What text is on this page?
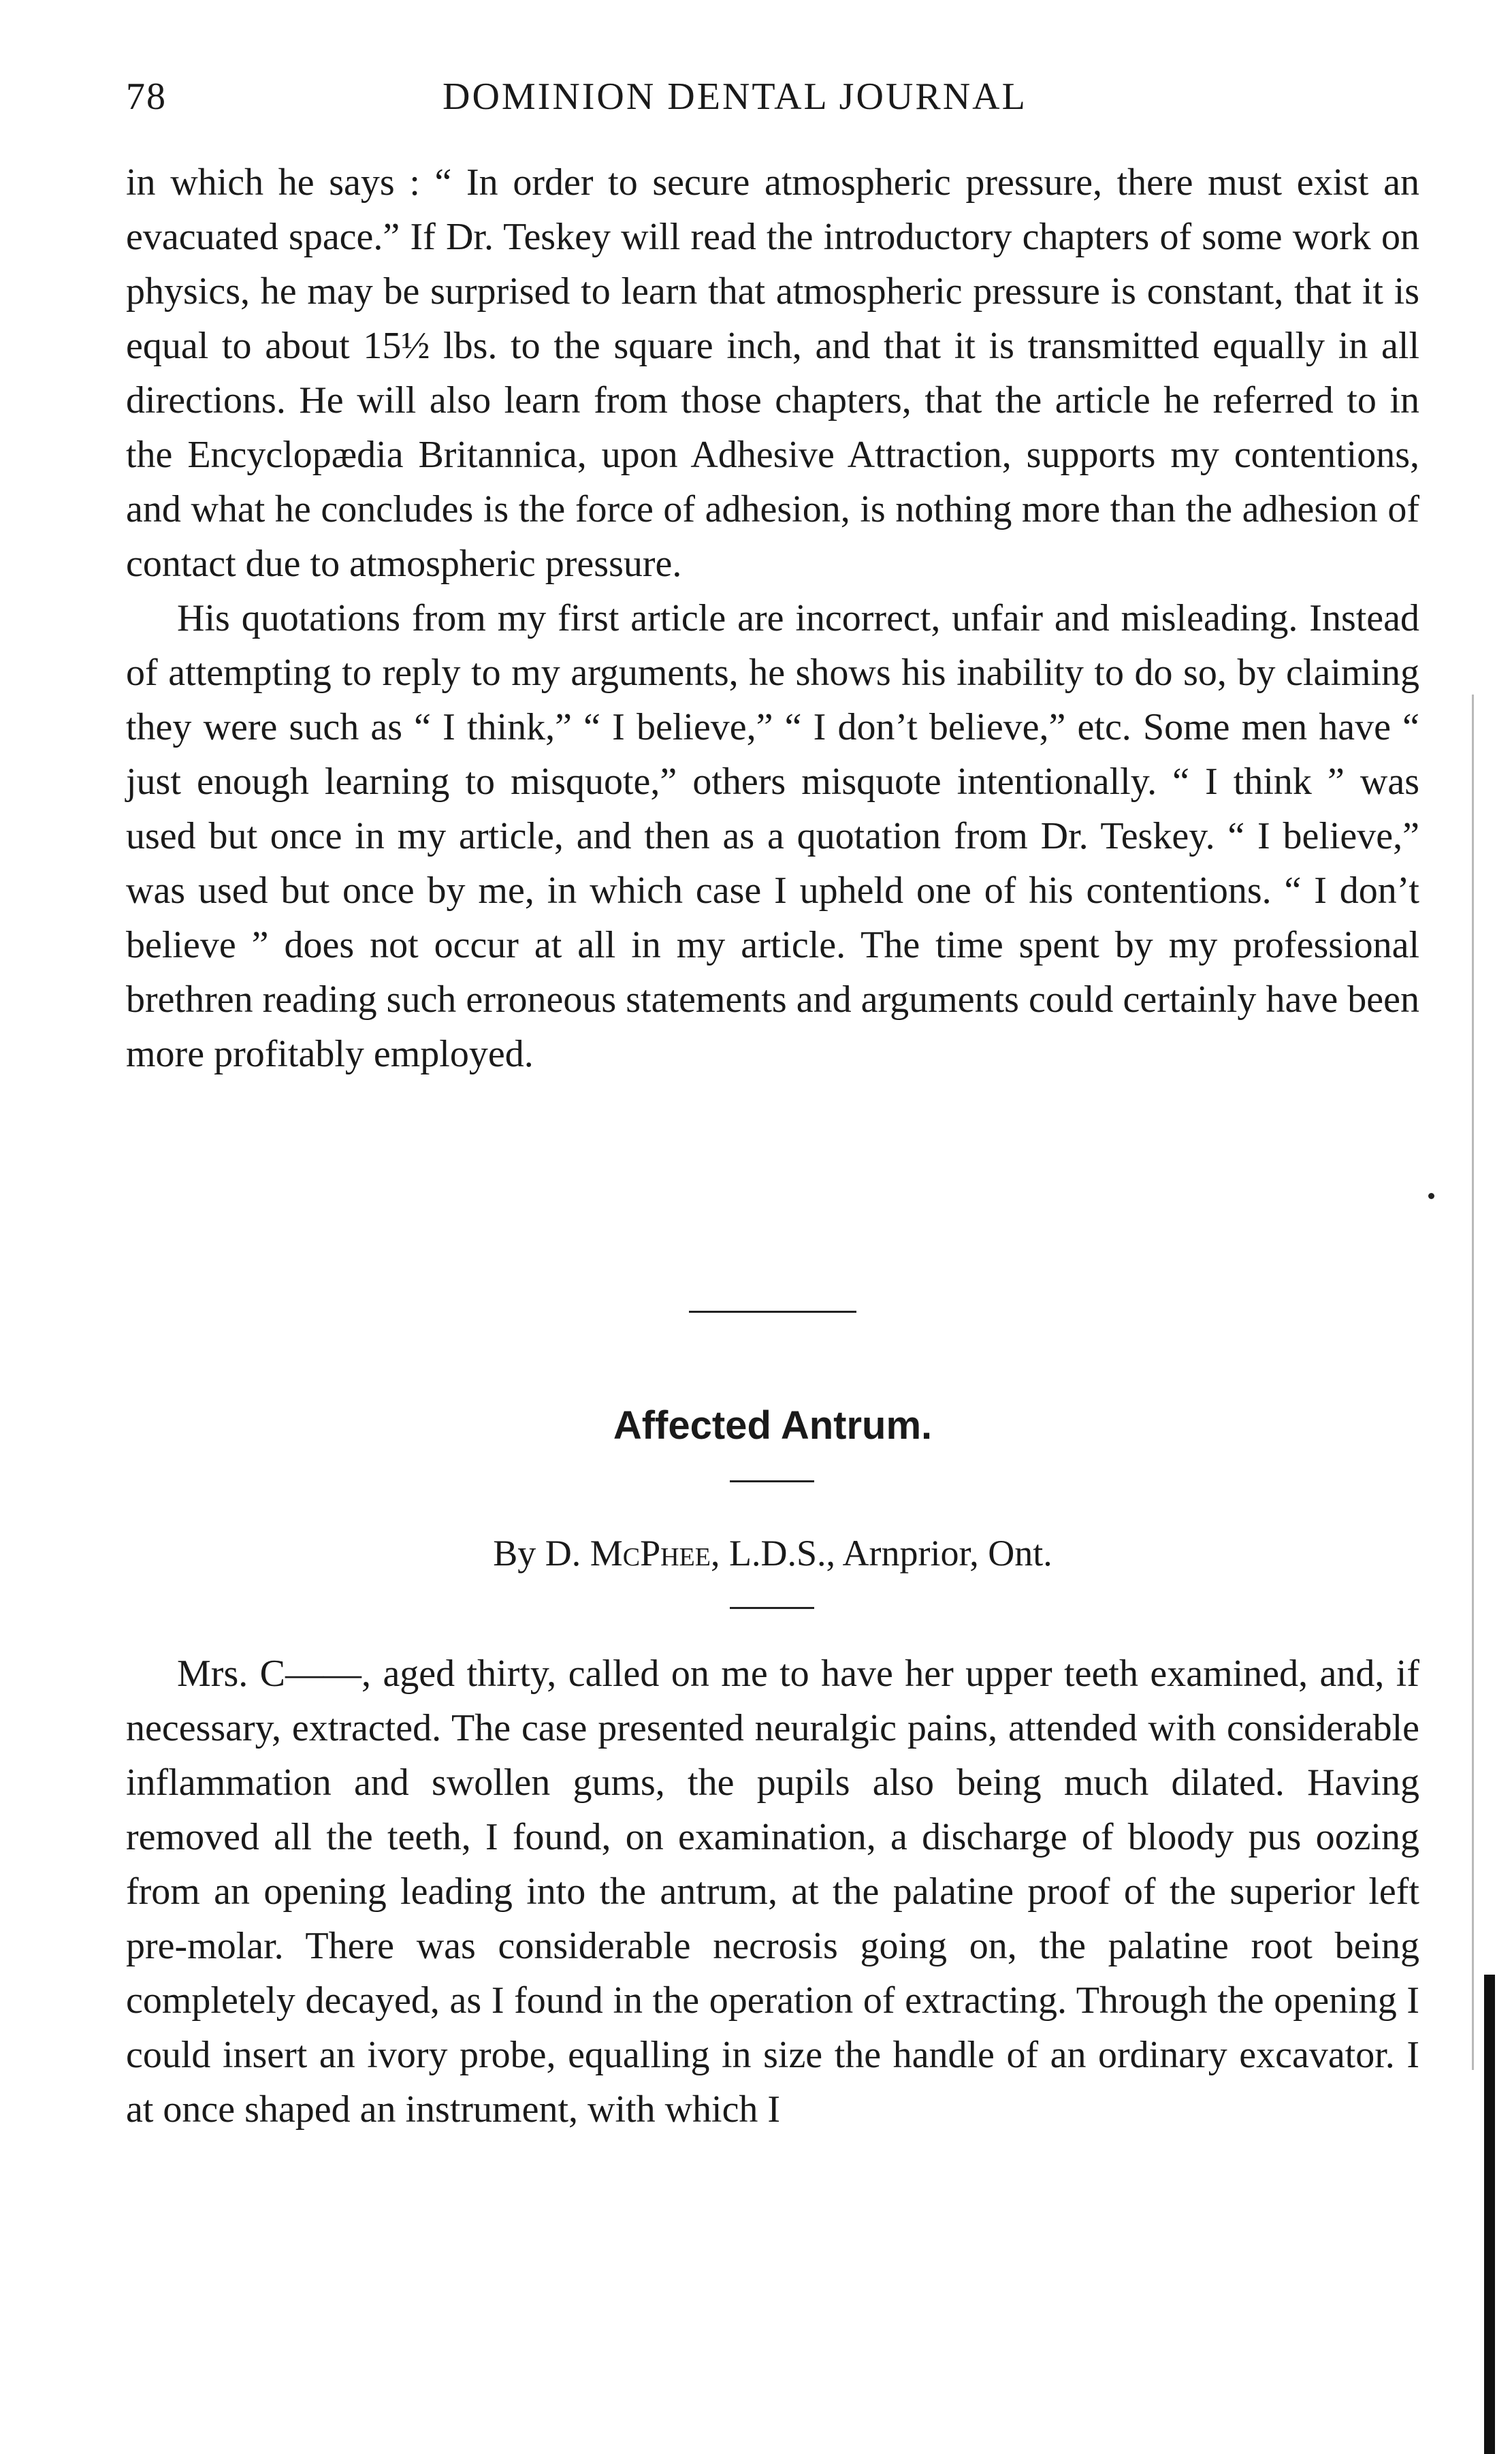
78	DOMINION DENTAL JOURNAL

in which he says : “ In order to secure atmospheric pressure, there must exist an evacuated space.” If Dr. Teskey will read the introductory chapters of some work on physics, he may be surprised to learn that atmospheric pressure is constant, that it is equal to about 15½ lbs. to the square inch, and that it is transmitted equally in all directions. He will also learn from those chapters, that the article he referred to in the Encyclopædia Britannica, upon Adhesive Attraction, supports my contentions, and what he concludes is the force of adhesion, is nothing more than the adhesion of contact due to atmospheric pressure.

His quotations from my first article are incorrect, unfair and misleading. Instead of attempting to reply to my arguments, he shows his inability to do so, by claiming they were such as “ I think,” “ I believe,” “ I don’t believe,” etc. Some men have “ just enough learning to misquote,” others misquote intentionally. “ I think ” was used but once in my article, and then as a quotation from Dr. Teskey. “ I believe,” was used but once by me, in which case I upheld one of his contentions. “ I don’t believe ” does not occur at all in my article. The time spent by my professional brethren reading such erroneous statements and arguments could certainly have been more profitably employed.

Affected Antrum.
By D. McPhee, L.D.S., Arnprior, Ont.

Mrs. C——, aged thirty, called on me to have her upper teeth examined, and, if necessary, extracted. The case presented neuralgic pains, attended with considerable inflammation and swollen gums, the pupils also being much dilated. Having removed all the teeth, I found, on examination, a discharge of bloody pus oozing from an opening leading into the antrum, at the palatine proof of the superior left pre-molar. There was considerable necrosis going on, the palatine root being completely decayed, as I found in the operation of extracting. Through the opening I could insert an ivory probe, equalling in size the handle of an ordinary excavator. I at once shaped an instrument, with which I
